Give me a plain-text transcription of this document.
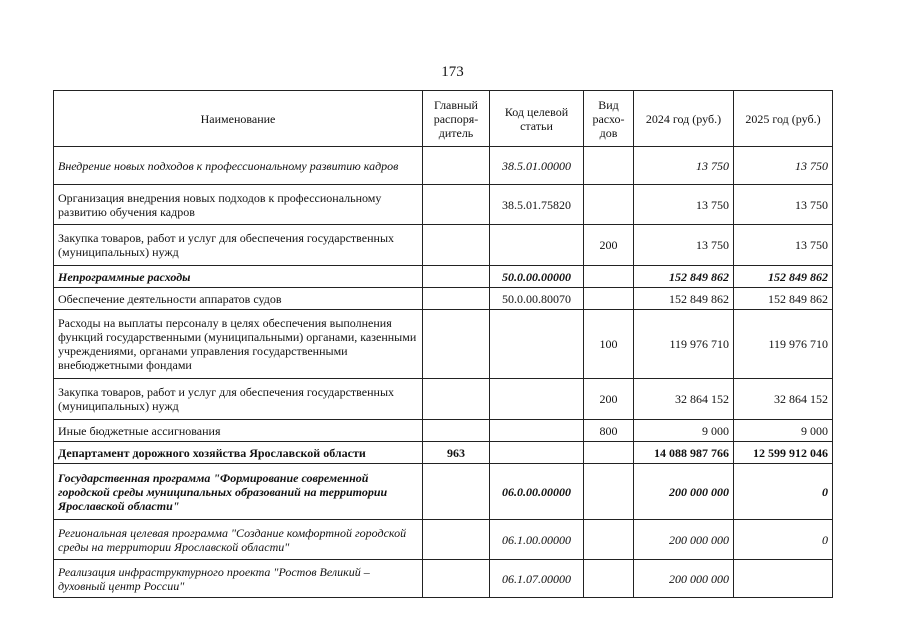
173
Наименование	Главный распоря-дитель	Код целевой статьи	Вид расхо-дов	2024 год (руб.)	2025 год (руб.)
Внедрение новых подходов к профессиональному развитию кадров		38.5.01.00000		13 750	13 750
Организация внедрения новых подходов к профессиональному развитию обучения кадров		38.5.01.75820		13 750	13 750
Закупка товаров, работ и услуг для обеспечения государственных (муниципальных) нужд			200	13 750	13 750
Непрограммные расходы		50.0.00.00000		152 849 862	152 849 862
Обеспечение деятельности аппаратов судов		50.0.00.80070		152 849 862	152 849 862
Расходы на выплаты персоналу в целях обеспечения выполнения функций государственными (муниципальными) органами, казенными учреждениями, органами управления государственными внебюджетными фондами			100	119 976 710	119 976 710
Закупка товаров, работ и услуг для обеспечения государственных (муниципальных) нужд			200	32 864 152	32 864 152
Иные бюджетные ассигнования			800	9 000	9 000
Департамент дорожного хозяйства Ярославской области	963			14 088 987 766	12 599 912 046
Государственная программа "Формирование современной городской среды муниципальных образований на территории Ярославской области"		06.0.00.00000		200 000 000	0
Региональная целевая программа "Создание комфортной городской среды на территории Ярославской области"		06.1.00.00000		200 000 000	0
Реализация инфраструктурного проекта "Ростов Великий – духовный центр России"		06.1.07.00000		200 000 000	
